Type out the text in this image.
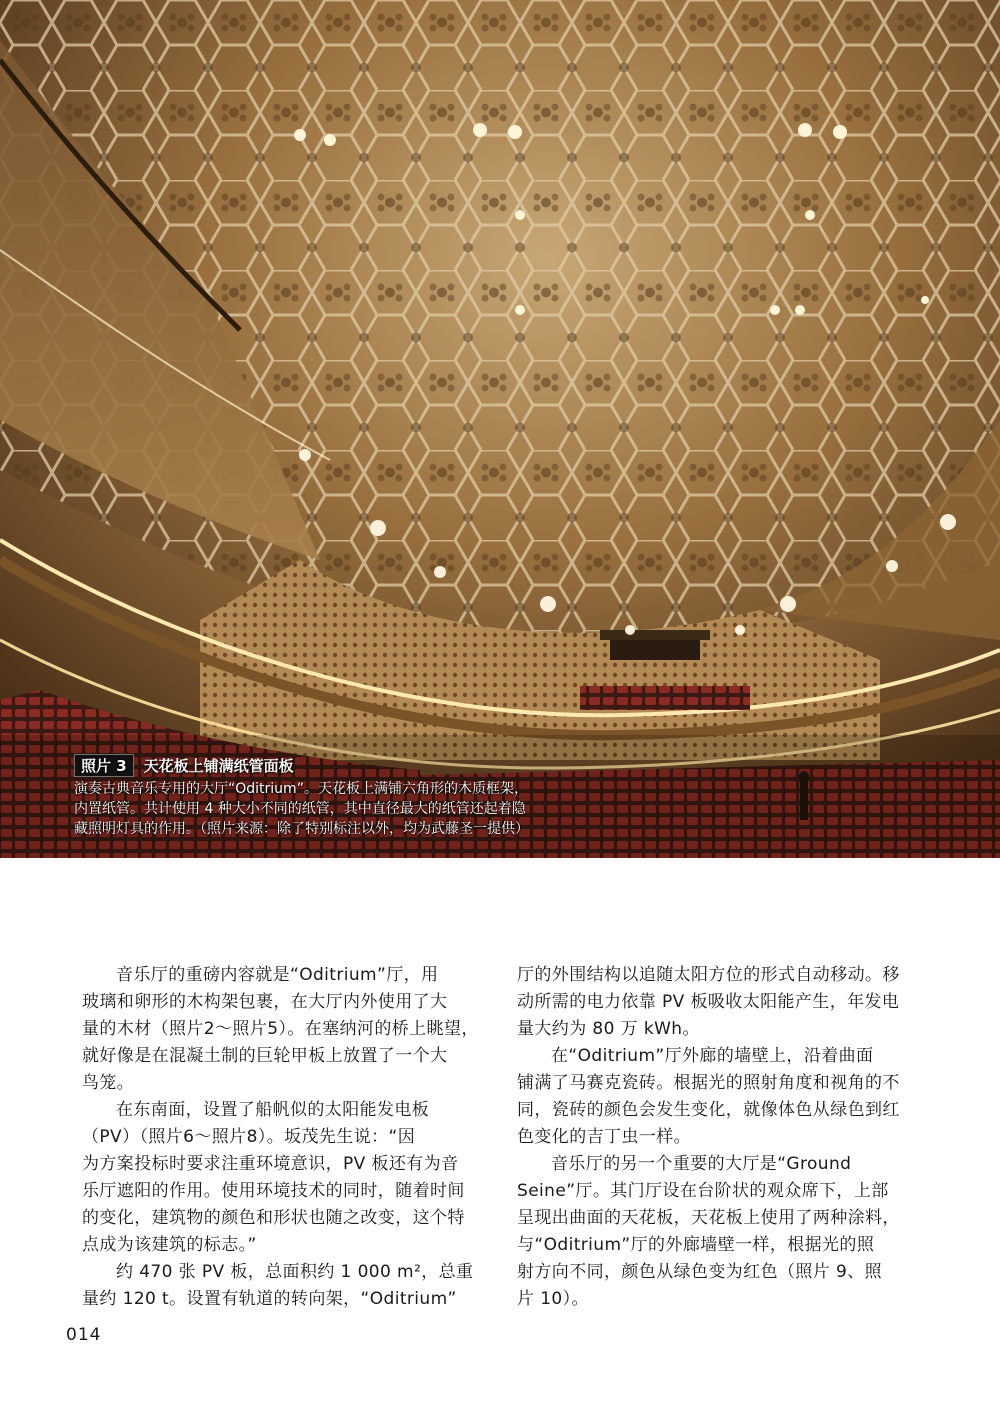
照片 3	天花板上铺满纸管面板
演奏古典音乐专用的大厅“Oditrium”。天花板上满铺六角形的木质框架，
内置纸管。共计使用 4 种大小不同的纸管，其中直径最大的纸管还起着隐
藏照明灯具的作用。（照片来源：除了特别标注以外，均为武藤圣一提供）

音乐厅的重磅内容就是“Oditrium”厅，用
玻璃和卵形的木构架包裹，在大厅内外使用了大
量的木材（照片2～照片5）。在塞纳河的桥上眺望，
就好像是在混凝土制的巨轮甲板上放置了一个大
鸟笼。

在东南面，设置了船帆似的太阳能发电板
（PV）（照片6～照片8）。坂茂先生说：“因
为方案投标时要求注重环境意识，PV 板还有为音
乐厅遮阳的作用。使用环境技术的同时，随着时间
的变化，建筑物的颜色和形状也随之改变，这个特
点成为该建筑的标志。”

约 470 张 PV 板，总面积约 1 000 m²，总重
量约 120 t。设置有轨道的转向架，“Oditrium”

厅的外围结构以追随太阳方位的形式自动移动。移
动所需的电力依靠 PV 板吸收太阳能产生，年发电
量大约为 80 万 kWh。

在“Oditrium”厅外廊的墙壁上，沿着曲面
铺满了马赛克瓷砖。根据光的照射角度和视角的不
同，瓷砖的颜色会发生变化，就像体色从绿色到红
色变化的吉丁虫一样。

音乐厅的另一个重要的大厅是“Ground
Seine”厅。其门厅设在台阶状的观众席下，上部
呈现出曲面的天花板，天花板上使用了两种涂料，
与“Oditrium”厅的外廊墙壁一样，根据光的照
射方向不同，颜色从绿色变为红色（照片 9、照
片 10）。

014
